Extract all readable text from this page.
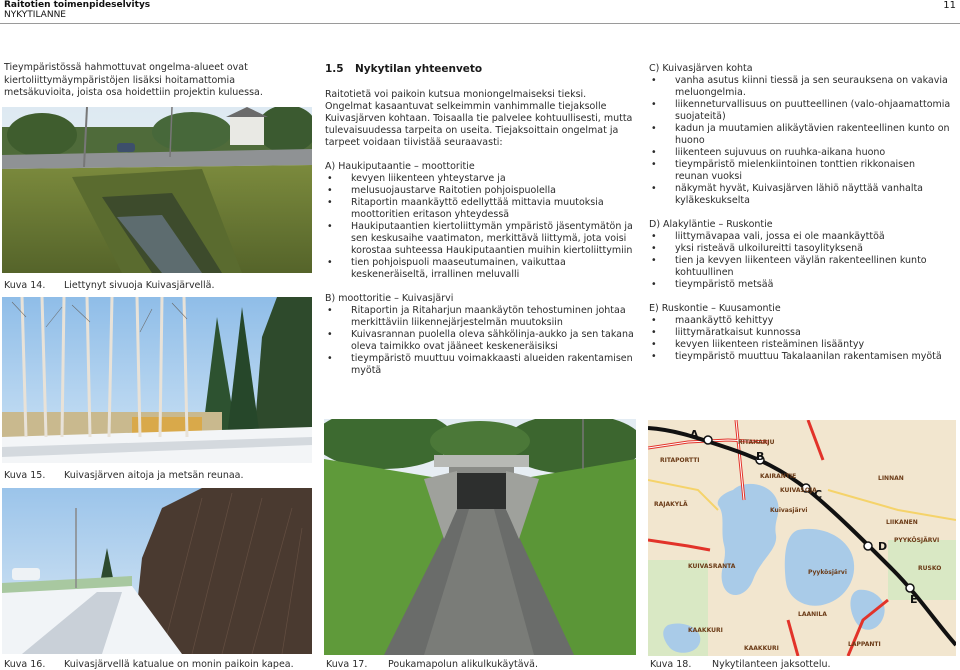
Raitotien toimenpideselvitys
NYKYTILANNE
11
Tieympäristössä hahmottuvat ongelma-alueet ovat kiertoliittymäympäristöjen lisäksi hoitamattomia metsäkuvioita, joista osa hoidettiin projektin kuluessa.
Kuva 14. Liettynyt sivuoja Kuivasjärvellä.
Kuva 15. Kuivasjärven aitoja ja metsän reunaa.
Kuva 16. Kuivasjärvellä katualue on monin paikoin kapea.
1.5 Nykytilan yhteenveto

Raitotietä voi paikoin kutsua moniongelmaiseksi tieksi. Ongelmat kasaantuvat selkeimmin vanhimmalle tiejaksolle Kuivasjärven kohtaan. Toisaalla tie palvelee kohtuullisesti, mutta tulevaisuudessa tarpeita on useita. Tiejaksoittain ongelmat ja tarpeet voidaan tiivistää seuraavasti:

A) Haukiputaantie – moottoritie
• kevyen liikenteen yhteystarve ja
• melusuojaustarve Raitotien pohjoispuolella
• Ritaportin maankäyttö edellyttää mittavia muutoksia moottoritien eritason yhteydessä
• Haukiputaantien kiertoliittymän ympäristö jäsentymätön ja sen keskusaihe vaatimaton, merkittävä liittymä, jota voisi korostaa suhteessa Haukiputaantien muihin kiertoliittymiin
• tien pohjoispuoli maaseutumainen, vaikuttaa keskeneräiseltä, irrallinen meluvalli
B) moottoritie – Kuivasjärvi
• Ritaportin ja Ritaharjun maankäytön tehostuminen johtaa merkittäviin liikennejärjestelmän muutoksiin
• Kuivasrannan puolella oleva sähkölinja-aukko ja sen takana oleva taimikko ovat jääneet keskeneräisiksi
• tieympäristö muuttuu voimakkaasti alueiden rakentamisen myötä
Kuva 17. Poukamapolun alikulkukäytävä.
C) Kuivasjärven kohta
• vanha asutus kiinni tiessä ja sen seurauksena on vakavia meluongelmia.
• liikenneturvallisuus on puutteellinen (valo-ohjaamattomia suojateitä)
• kadun ja muutamien alikäytävien rakenteellinen kunto on huono
• liikenteen sujuvuus on ruuhka-aikana huono
• tieympäristö mielenkiintoinen tonttien rikkonaisen reunan vuoksi
• näkymät hyvät, Kuivasjärven lähiö näyttää vanhalta kyläkeskukselta
D) Alakyläntie – Ruskontie
• liittymävapaa vali, jossa ei ole maankäyttöä
• yksi risteävä ulkoilureitti tasoylityksenä
• tien ja kevyen liikenteen väylän rakenteellinen kunto kohtuullinen
• tieympäristö metsää
E) Ruskontie – Kuusamontie
• maankäyttö kehittyy
• liittymäratkaisut kunnossa
• kevyen liikenteen risteäminen lisääntyy
• tieympäristö muuttuu Takalaanilan rakentamisen myötä
A
B
C
D
E
RITAHARJU
RITAPORTTI
KAIRANTIE
RAJAKYLÄ
KUIVASOJA
LIIKANEN
KUIVASRANTA
Kuivasjärvi
KAAKKURI
Pyykösjärvi
LAANILA
PYYKÖSJÄRVI
LAPPANTI
KAAKKURI
RUSKO
LINNAN
Kuva 18. Nykytilanteen jaksottelu.
